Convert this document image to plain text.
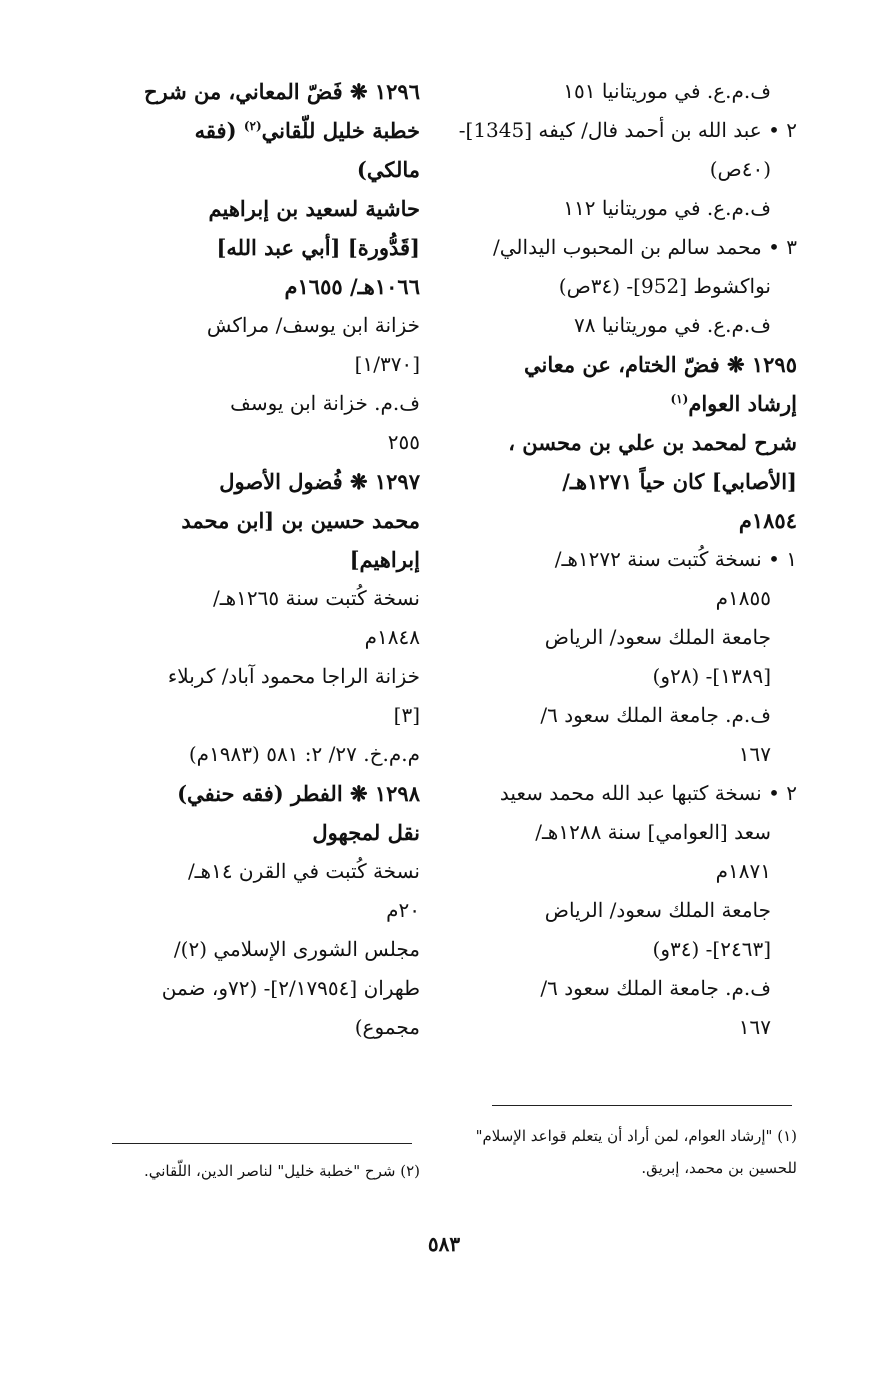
ف.م.ع. في موريتانيا ١٥١
٢ • عبد الله بن أحمد فال/ كيفه [1345]-
(٤٠ص)
ف.م.ع. في موريتانيا ١١٢
٣ • محمد سالم بن المحبوب اليدالي/
نواكشوط [952]- (٣٤ص)
ف.م.ع. في موريتانيا ٧٨
١٢٩٥ ❋ فضّ الختام، عن معاني
إرشاد العوام$^{(١)}$
شرح لمحمد بن علي بن محسن ،
[الأصابي] كان حياً ١٢٧١هـ/
١٨٥٤م
١ • نسخة كُتبت سنة ١٢٧٢هـ/
١٨٥٥م
جامعة الملك سعود/ الرياض
[١٣٨٩]- (٢٨و)
ف.م. جامعة الملك سعود ٦/
١٦٧
٢ • نسخة كتبها عبد الله محمد سعيد
سعد [العوامي] سنة ١٢٨٨هـ/
١٨٧١م
جامعة الملك سعود/ الرياض
[٢٤٦٣]- (٣٤و)
ف.م. جامعة الملك سعود ٦/
١٦٧
١٢٩٦ ❋ فَضّ المعاني، من شرح
خطبة خليل للّقاني$^{(٢)}$ (فقه
مالكي)
حاشية لسعيد بن إبراهيم
[قَدُّورة] [أبي عبد الله]
١٠٦٦هـ/ ١٦٥٥م
خزانة ابن يوسف/ مراكش
[١/٣٧٠]
ف.م. خزانة ابن يوسف
٢٥٥
١٢٩٧ ❋ فُضول الأصول
محمد حسين بن [ابن محمد
إبراهيم]
نسخة كُتبت سنة ١٢٦٥هـ/
١٨٤٨م
خزانة الراجا محمود آباد/ كربلاء
[٣]
م.م.خ. ٢٧/ ٢: ٥٨١ (١٩٨٣م)
١٢٩٨ ❋ الفطر (فقه حنفي)
نقل لمجهول
نسخة كُتبت في القرن ١٤هـ/
٢٠م
مجلس الشورى الإسلامي (٢)/
طهران [٢/١٧٩٥٤]- (٧٢و، ضمن
مجموع)
(١) "إرشاد العوام، لمن أراد أن يتعلم قواعد الإسلام"
للحسين بن محمد، إبريق.
(٢) شرح "خطبة خليل" لناصر الدين، اللّقاني.
٥٨٣
